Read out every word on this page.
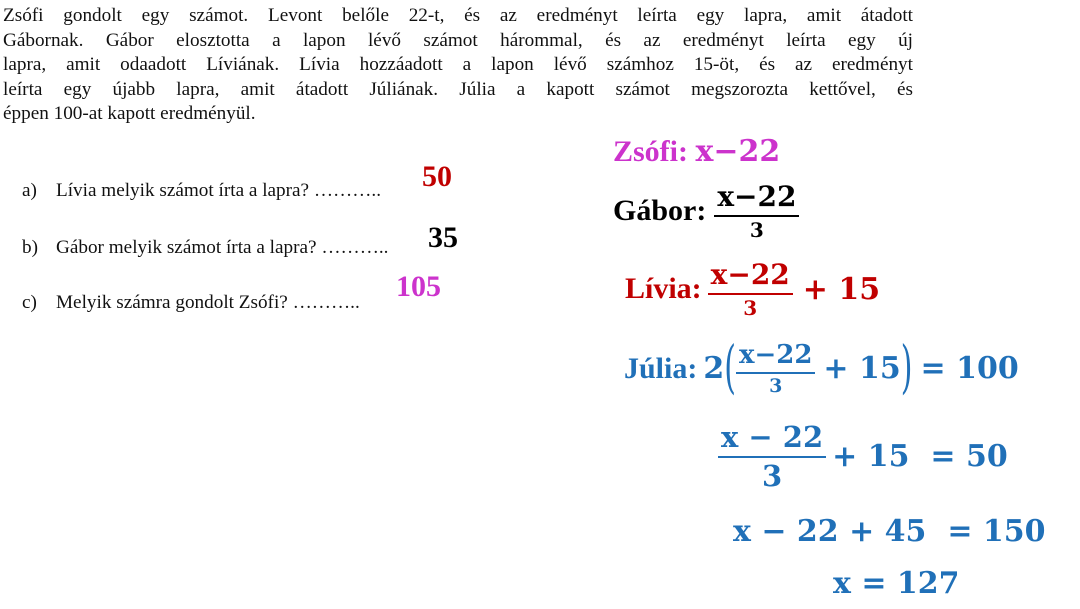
Zsófi gondolt egy számot. Levont belőle 22-t, és az eredményt leírta egy lapra, amit átadott
Gábornak. Gábor elosztotta a lapon lévő számot hárommal, és az eredményt leírta egy új
lapra, amit odaadott Líviának. Lívia hozzáadott a lapon lévő számhoz 15-öt, és az eredményt
leírta egy újabb lapra, amit átadott Júliának. Júlia a kapott számot megszorozta kettővel, és
éppen 100-at kapott eredményül.
a) Lívia melyik számot írta a lapra? ………..
b) Gábor melyik számot írta a lapra? ………..
c) Melyik számra gondolt Zsófi? ………..
50
35
105
Zsófi: x−22
Gábor: $\frac{x-22}{3}$
Lívia: $\frac{x-22}{3} + 15$
Júlia: 2 ( $\frac{x-22}{3} + 15$ ) = 100
$\frac{x - 22}{3} + 15 = 50$
x − 22 + 45  = 150
x = 127
